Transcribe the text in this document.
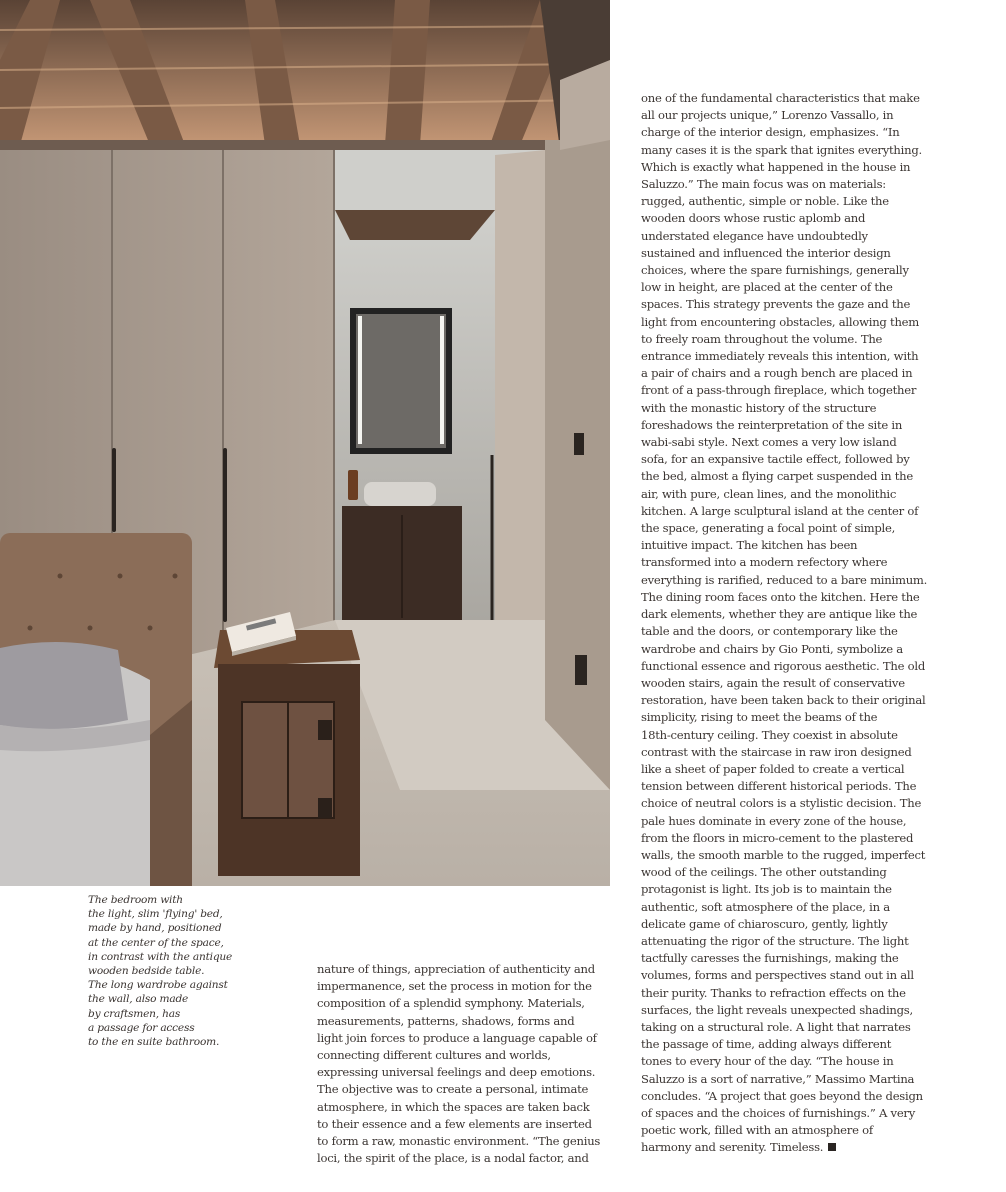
The bedroom with
the light, slim 'flying' bed,
made by hand, positioned
at the center of the space,
in contrast with the antique
wooden bedside table.
The long wardrobe against
the wall, also made
by craftsmen, has
a passage for access
to the en suite bathroom.

nature of things, appreciation of authenticity and
impermanence, set the process in motion for the
composition of a splendid symphony. Materials,
measurements, patterns, shadows, forms and
light join forces to produce a language capable of
connecting different cultures and worlds,
expressing universal feelings and deep emotions.
The objective was to create a personal, intimate
atmosphere, in which the spaces are taken back
to their essence and a few elements are inserted
to form a raw, monastic environment. “The genius
loci, the spirit of the place, is a nodal factor, and

one of the fundamental characteristics that make
all our projects unique,” Lorenzo Vassallo, in
charge of the interior design, emphasizes. “In
many cases it is the spark that ignites everything.
Which is exactly what happened in the house in
Saluzzo.” The main focus was on materials:
rugged, authentic, simple or noble. Like the
wooden doors whose rustic aplomb and
understated elegance have undoubtedly
sustained and influenced the interior design
choices, where the spare furnishings, generally
low in height, are placed at the center of the
spaces. This strategy prevents the gaze and the
light from encountering obstacles, allowing them
to freely roam throughout the volume. The
entrance immediately reveals this intention, with
a pair of chairs and a rough bench are placed in
front of a pass-through fireplace, which together
with the monastic history of the structure
foreshadows the reinterpretation of the site in
wabi-sabi style. Next comes a very low island
sofa, for an expansive tactile effect, followed by
the bed, almost a flying carpet suspended in the
air, with pure, clean lines, and the monolithic
kitchen. A large sculptural island at the center of
the space, generating a focal point of simple,
intuitive impact. The kitchen has been
transformed into a modern refectory where
everything is rarified, reduced to a bare minimum.
The dining room faces onto the kitchen. Here the
dark elements, whether they are antique like the
table and the doors, or contemporary like the
wardrobe and chairs by Gio Ponti, symbolize a
functional essence and rigorous aesthetic. The old
wooden stairs, again the result of conservative
restoration, have been taken back to their original
simplicity, rising to meet the beams of the
18th-century ceiling. They coexist in absolute
contrast with the staircase in raw iron designed
like a sheet of paper folded to create a vertical
tension between different historical periods. The
choice of neutral colors is a stylistic decision. The
pale hues dominate in every zone of the house,
from the floors in micro-cement to the plastered
walls, the smooth marble to the rugged, imperfect
wood of the ceilings. The other outstanding
protagonist is light. Its job is to maintain the
authentic, soft atmosphere of the place, in a
delicate game of chiaroscuro, gently, lightly
attenuating the rigor of the structure. The light
tactfully caresses the furnishings, making the
volumes, forms and perspectives stand out in all
their purity. Thanks to refraction effects on the
surfaces, the light reveals unexpected shadings,
taking on a structural role. A light that narrates
the passage of time, adding always different
tones to every hour of the day. “The house in
Saluzzo is a sort of narrative,” Massimo Martina
concludes. “A project that goes beyond the design
of spaces and the choices of furnishings.” A very
poetic work, filled with an atmosphere of
harmony and serenity. Timeless.
